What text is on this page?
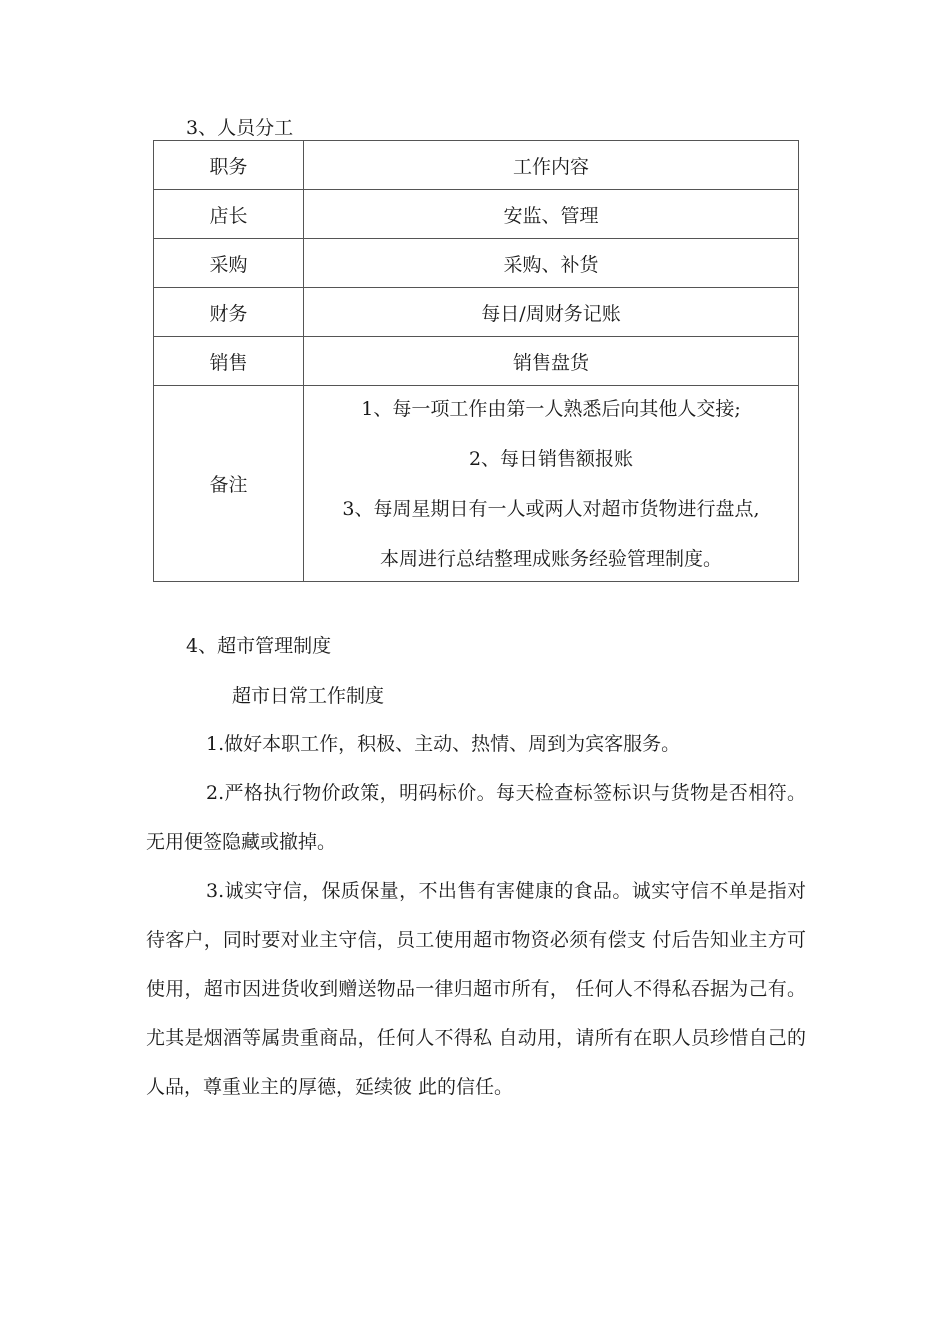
3、人员分工
职务	工作内容
店长	安监、管理
采购	采购、补货
财务	每日/周财务记账
销售	销售盘货
备注	1、每一项工作由第一人熟悉后向其他人交接;
2、每日销售额报账
3、每周星期日有一人或两人对超市货物进行盘点,
本周进行总结整理成账务经验管理制度。
4、超市管理制度
超市日常工作制度

1.做好本职工作，积极、主动、热情、周到为宾客服务。

2.严格执行物价政策，明码标价。每天检查标签标识与货物是否相符。无用便签隐藏或撤掉。

3.诚实守信，保质保量，不出售有害健康的食品。诚实守信不单是指对待客户，同时要对业主守信，员工使用超市物资必须有偿支 付后告知业主方可使用，超市因进货收到赠送物品一律归超市所有， 任何人不得私吞据为己有。尤其是烟酒等属贵重商品，任何人不得私 自动用，请所有在职人员珍惜自己的人品，尊重业主的厚德，延续彼 此的信任。
